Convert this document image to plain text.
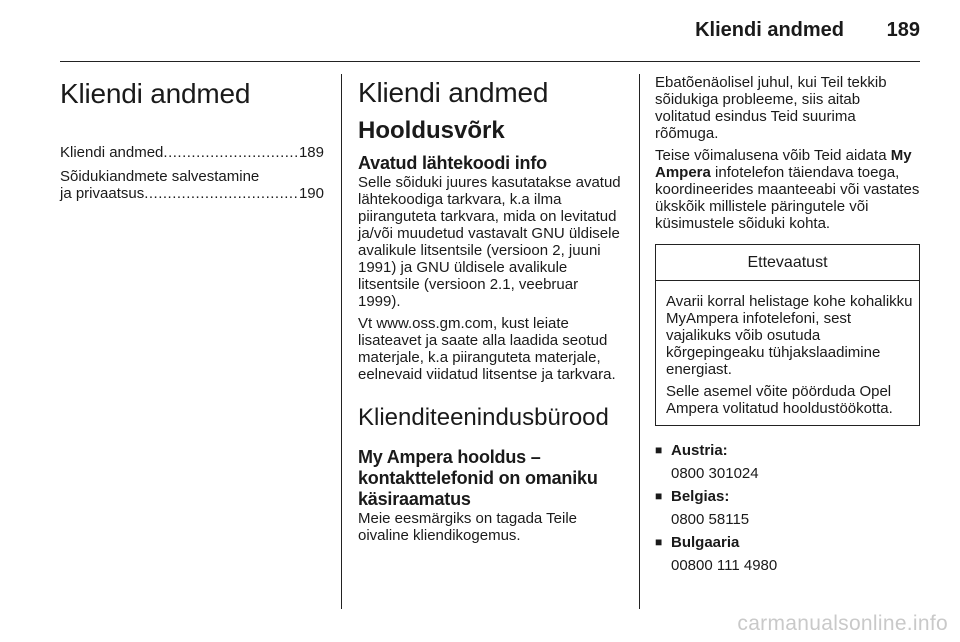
Kliendi andmed 189
Kliendi andmed
Kliendi andmed .....	189
Sõidukiandmete salvestamine
ja privaatsus .....	190
Kliendi andmed
Hooldusvõrk
Avatud lähtekoodi info
Selle sõiduki juures kasutatakse avatud lähtekoodiga tarkvara, k.a ilma piiranguteta tarkvara, mida on levitatud ja/või muudetud vastavalt GNU üldisele avalikule litsentsile (versioon 2, juuni 1991) ja GNU üldisele avalikule litsentsile (versioon 2.1, veebruar 1999).
Vt www.oss.gm.com, kust leiate lisateavet ja saate alla laadida seotud materjale, k.a piiranguteta materjale, eelnevaid viidatud litsentse ja tarkvara.
Klienditeenindusbürood
My Ampera hooldus – kontakttelefonid on omaniku käsiraamatus
Meie eesmärgiks on tagada Teile oivaline kliendikogemus.
Ebatõenäolisel juhul, kui Teil tekkib sõidukiga probleeme, siis aitab volitatud esindus Teid suurima rõõmuga.
Teise võimalusena võib Teid aidata My Ampera infotelefon täiendava toega, koordineerides maanteeabi või vastates ükskõik millistele päringutele või küsimustele sõiduki kohta.
Ettevaatust
Avarii korral helistage kohe kohalikku MyAmpera infotelefoni, sest vajalikuks võib osutuda kõrgepingeaku tühjakslaadimine energiast.
Selle asemel võite pöörduda Opel Ampera volitatud hooldustöökotta.
■ Austria:
0800 301024
■ Belgias:
0800 58115
■ Bulgaaria
00800 111 4980
carmanualsonline.info
